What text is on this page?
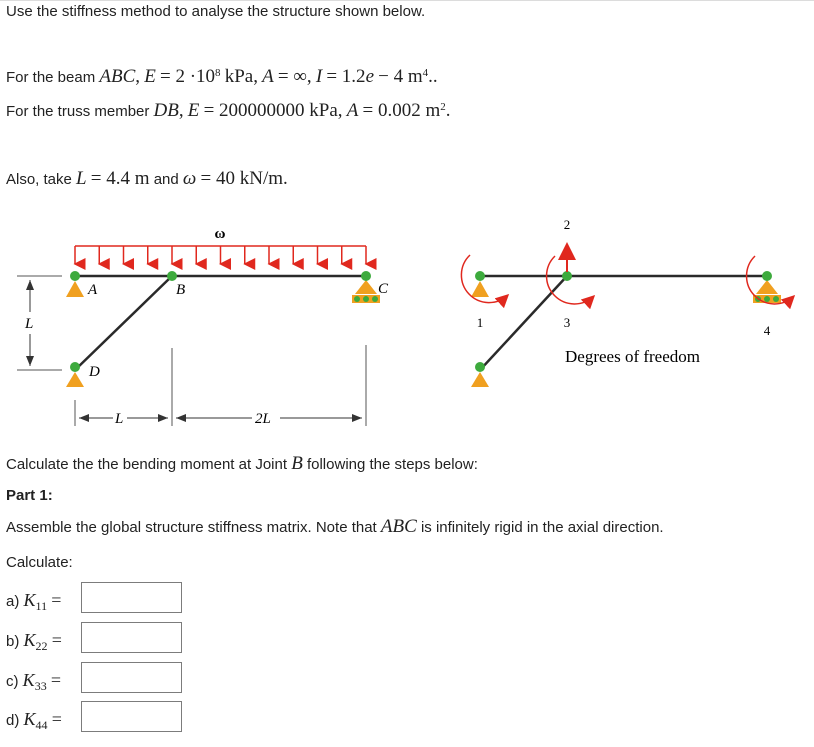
Use the stiffness method to analyse the structure shown below.
For the beam ABC, $E = 2 \cdot 10^8$ kPa, A = ∞, I = 1.2e − 4 $m^4$..
For the truss member DB, E = 200000000 kPa, A = 0.002 $m^2$.
Also, take L = 4.4 m and ω = 40 kN/m.
A	B	C
D
ω
L
L	2L
1
2
3
4
Degrees of freedom
Calculate the the bending moment at Joint B following the steps below:
Part 1:
Assemble the global structure stiffness matrix. Note that ABC is infinitely rigid in the axial direction.
Calculate:
a) $K_{11}$ =
b) $K_{22}$ =
c) $K_{33}$ =
d) $K_{44}$ =
